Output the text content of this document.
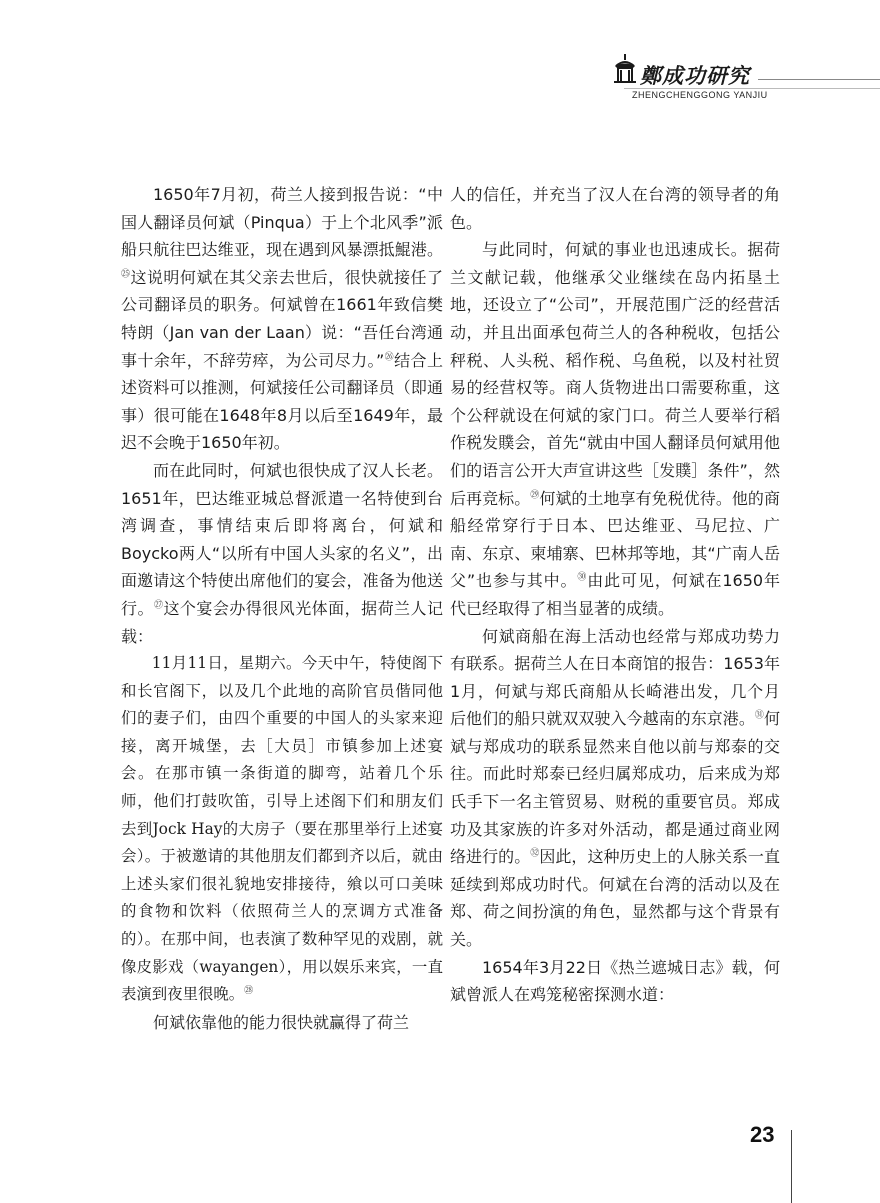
鄭成功研究
ZHENGCHENGGONG YANJIU

1650年7月初，荷兰人接到报告说：“中国人翻译员何斌（Pinqua）于上个北风季”派船只航往巴达维亚，现在遇到风暴漂抵鯤港。$^㉕$这说明何斌在其父亲去世后，很快就接任了公司翻译员的职务。何斌曾在1661年致信樊特朗（Jan van der Laan）说：“吾任台湾通事十余年，不辞劳瘁，为公司尽力。”$^㉖$结合上述资料可以推测，何斌接任公司翻译员（即通事）很可能在1648年8月以后至1649年，最迟不会晚于1650年初。

而在此同时，何斌也很快成了汉人长老。1651年，巴达维亚城总督派遣一名特使到台湾调查，事情结束后即将离台，何斌和Boycko两人“以所有中国人头家的名义”，出面邀请这个特使出席他们的宴会，准备为他送行。$^㉗$这个宴会办得很风光体面，据荷兰人记载：

11月11日，星期六。今天中午，特使阁下和长官阁下，以及几个此地的高阶官员偕同他们的妻子们，由四个重要的中国人的头家来迎接，离开城堡，去［大员］市镇参加上述宴会。在那市镇一条街道的脚弯，站着几个乐师，他们打鼓吹笛，引导上述阁下们和朋友们去到Jock Hay的大房子（要在那里举行上述宴会）。于被邀请的其他朋友们都到齐以后，就由上述头家们很礼貌地安排接待，飨以可口美味的食物和饮料（依照荷兰人的烹调方式准备的）。在那中间，也表演了数种罕见的戏剧，就像皮影戏（wayangen），用以娱乐来宾，一直表演到夜里很晚。$^㉘$

何斌依靠他的能力很快就赢得了荷兰

人的信任，并充当了汉人在台湾的领导者的角色。

与此同时，何斌的事业也迅速成长。据荷兰文献记载，他继承父业继续在岛内拓垦土地，还设立了“公司”，开展范围广泛的经营活动，并且出面承包荷兰人的各种税收，包括公秤税、人头税、稻作税、乌鱼税，以及村社贸易的经营权等。商人货物进出口需要称重，这个公秤就设在何斌的家门口。荷兰人要举行稻作税发贌会，首先“就由中国人翻译员何斌用他们的语言公开大声宣讲这些［发贌］条件”，然后再竞标。$^㉙$何斌的土地享有免税优待。他的商船经常穿行于日本、巴达维亚、马尼拉、广南、东京、柬埔寨、巴林邦等地，其“广南人岳父”也参与其中。$^㉚$由此可见，何斌在1650年代已经取得了相当显著的成绩。

何斌商船在海上活动也经常与郑成功势力有联系。据荷兰人在日本商馆的报告：1653年1月，何斌与郑氏商船从长崎港出发，几个月后他们的船只就双双驶入今越南的东京港。$^㉛$何斌与郑成功的联系显然来自他以前与郑泰的交往。而此时郑泰已经归属郑成功，后来成为郑氏手下一名主管贸易、财税的重要官员。郑成功及其家族的许多对外活动，都是通过商业网络进行的。$^㉜$因此，这种历史上的人脉关系一直延续到郑成功时代。何斌在台湾的活动以及在郑、荷之间扮演的角色，显然都与这个背景有关。

1654年3月22日《热兰遮城日志》载，何斌曾派人在鸡笼秘密探测水道：

23
